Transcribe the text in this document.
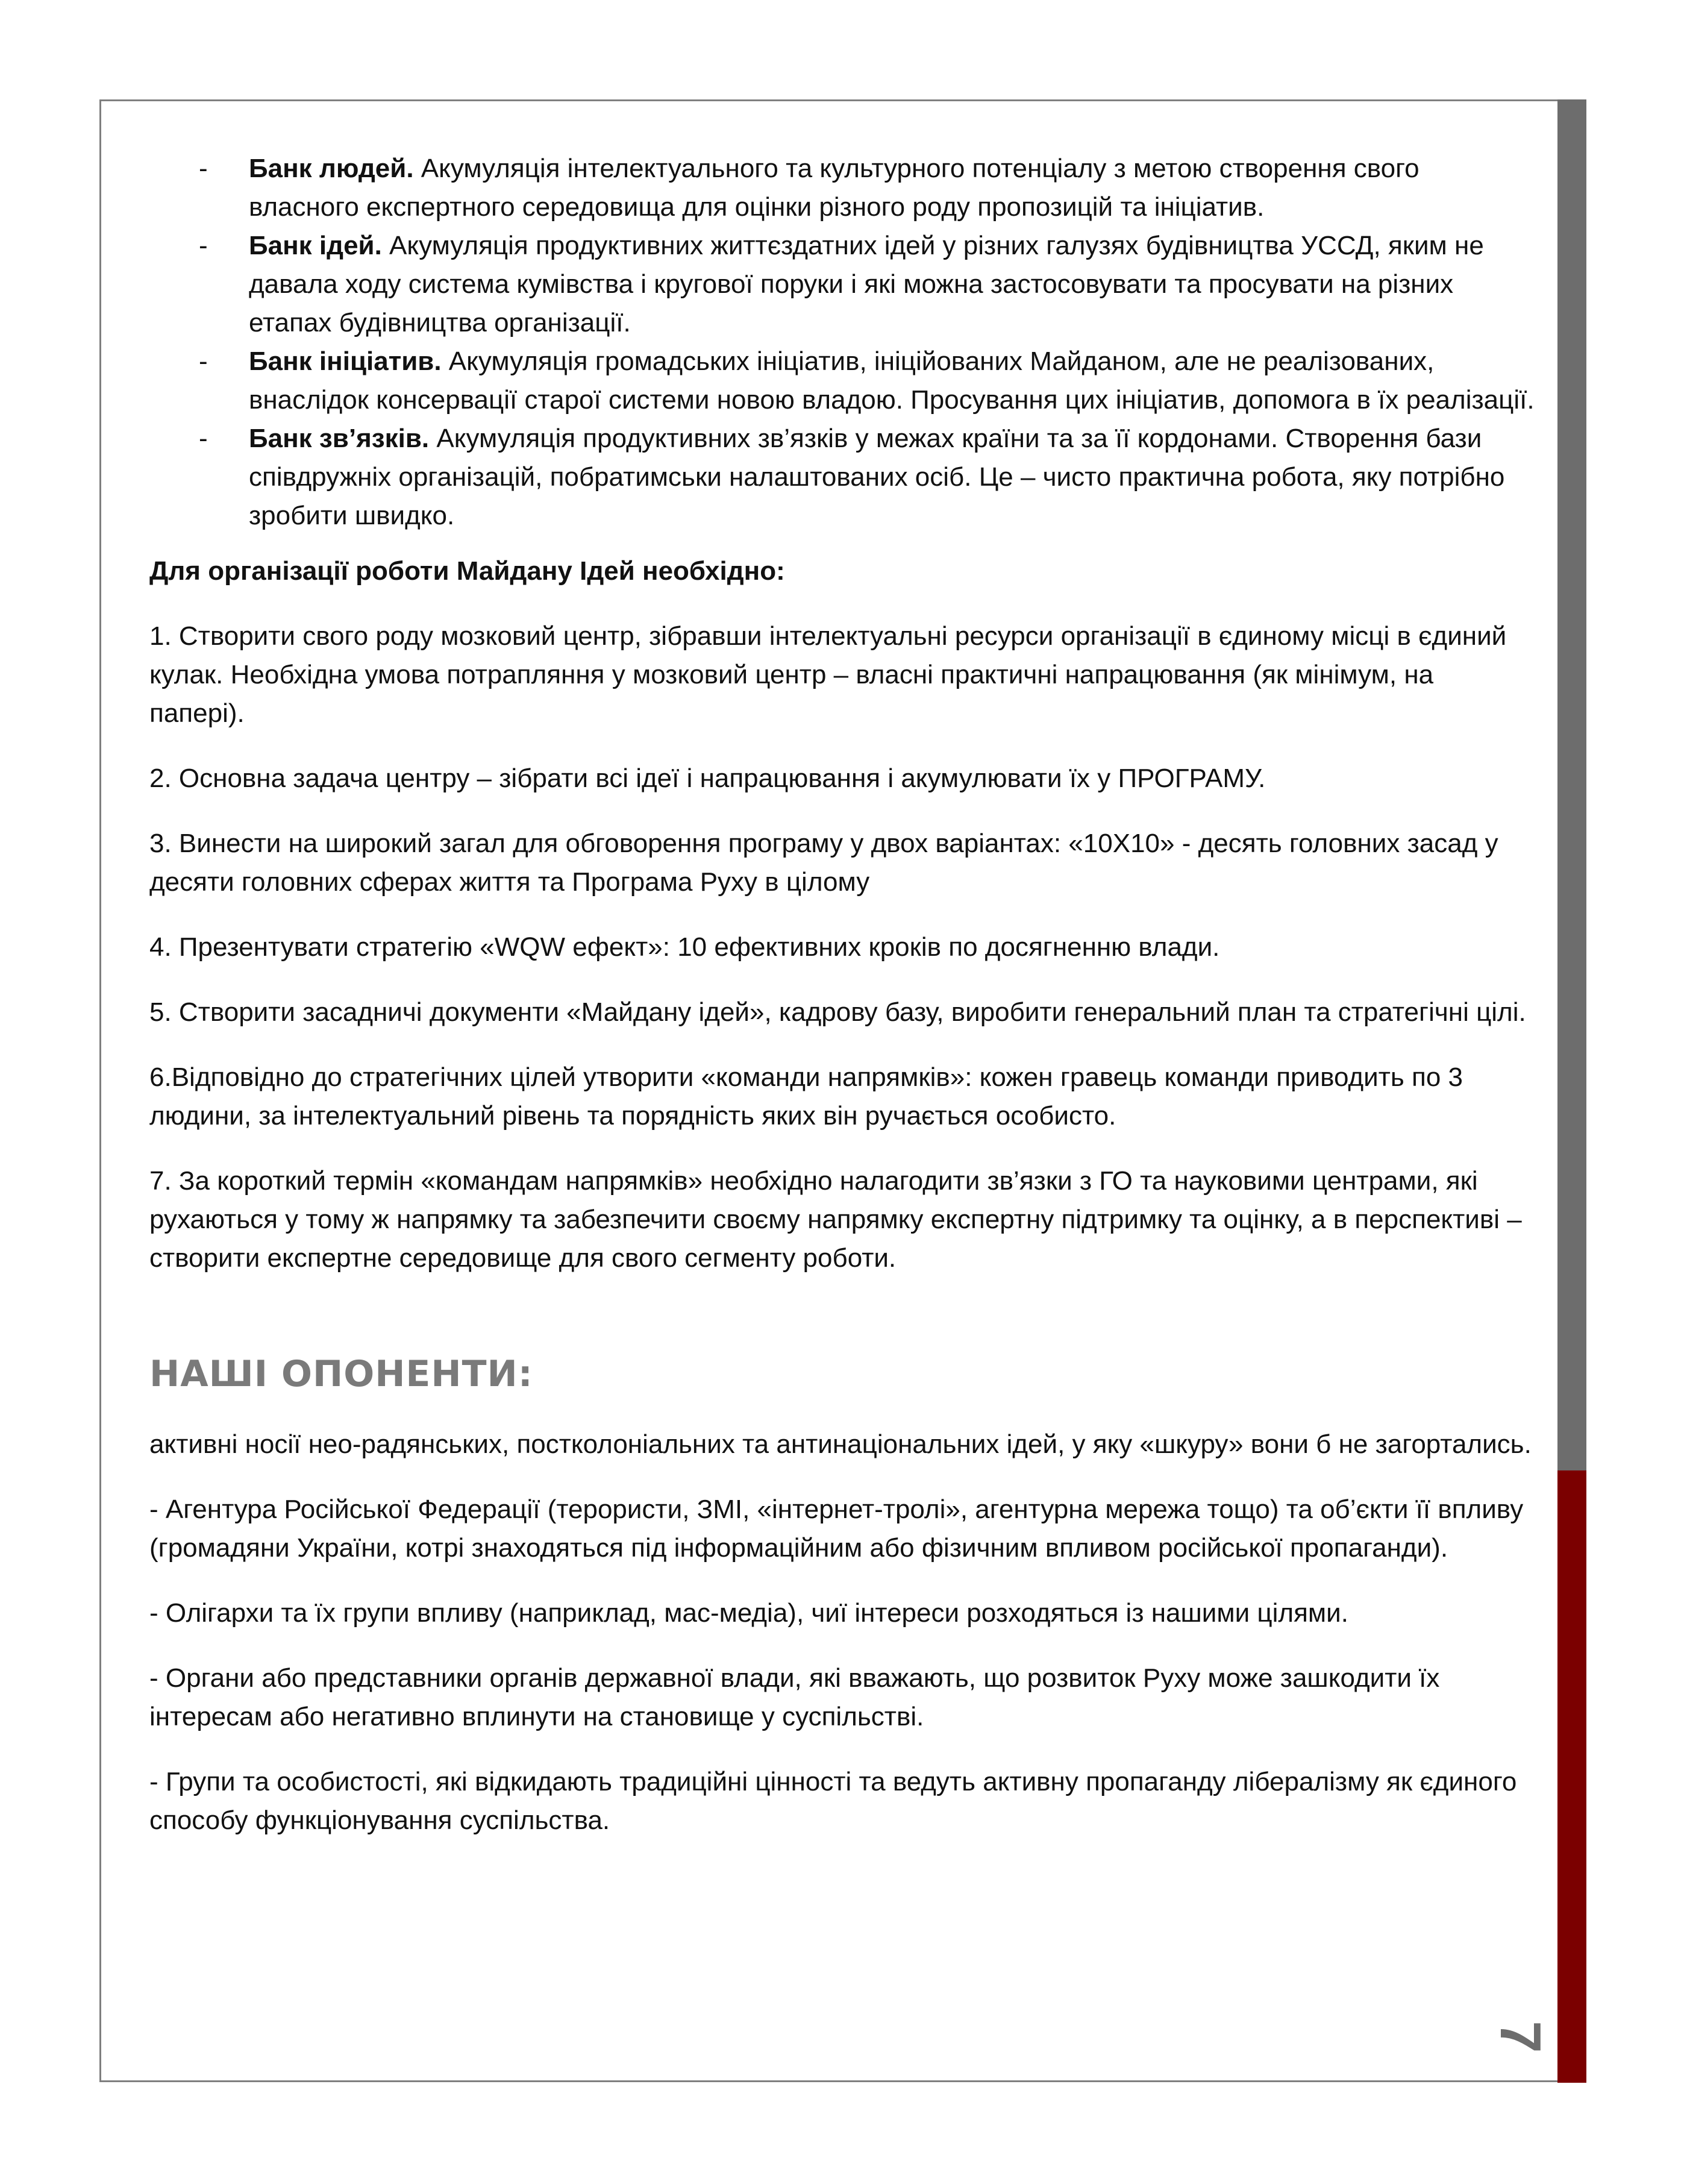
- Банк людей. Акумуляція інтелектуального та культурного потенціалу з метою створення свого власного експертного середовища для оцінки різного роду пропозицій та ініціатив.
- Банк ідей. Акумуляція продуктивних життєздатних ідей у різних галузях будівництва УССД, яким не давала ходу система кумівства і кругової поруки і які можна застосовувати та просувати на різних етапах будівництва організації.
- Банк ініціатив. Акумуляція громадських ініціатив, ініційованих Майданом, але не реалізованих, внаслідок консервації старої системи новою владою. Просування цих ініціатив, допомога в їх реалізації.
- Банк зв’язків. Акумуляція продуктивних зв’язків у межах країни та за її кордонами. Створення бази співдружніх організацій, побратимськи налаштованих осіб. Це – чисто практична робота, яку потрібно зробити швидко.

Для організації роботи Майдану Ідей необхідно:

1. Створити свого роду мозковий центр, зібравши інтелектуальні ресурси організації в єдиному місці в єдиний кулак. Необхідна умова потрапляння у мозковий центр – власні практичні напрацювання (як мінімум, на папері).

2. Основна задача центру – зібрати всі ідеї і напрацювання і акумулювати їх у ПРОГРАМУ.

3. Винести на широкий загал для обговорення програму у двох варіантах: «10Х10» - десять головних засад у десяти головних сферах життя та Програма Руху в цілому

4. Презентувати стратегію «WQW ефект»: 10 ефективних кроків по досягненню влади.

5. Створити засадничі документи «Майдану ідей», кадрову базу, виробити генеральний план та стратегічні цілі.

6.Відповідно до стратегічних цілей утворити «команди напрямків»: кожен гравець команди приводить по 3 людини, за інтелектуальний рівень та порядність яких він ручається особисто.

7. За короткий термін «командам напрямків» необхідно налагодити зв’язки з ГО та науковими центрами, які рухаються у тому ж напрямку та забезпечити своєму напрямку експертну підтримку та оцінку, а в перспективі – створити експертне середовище для свого сегменту роботи.

НАШІ ОПОНЕНТИ:

активні носії нео-радянських, постколоніальних та антинаціональних ідей, у яку «шкуру» вони б не загортались.

- Агентура Російської Федерації (терористи, ЗМІ, «інтернет-тролі», агентурна мережа тощо) та об’єкти її впливу (громадяни України, котрі знаходяться під інформаційним або фізичним впливом російської пропаганди).

- Олігархи та їх групи впливу (наприклад, мас-медіа), чиї інтереси розходяться із нашими цілями.

- Органи або представники органів державної влади, які вважають, що розвиток Руху може зашкодити їх інтересам або негативно вплинути на становище у суспільстві.

- Групи та особистості, які відкидають традиційні цінності та ведуть активну пропаганду лібералізму як єдиного способу функціонування суспільства.

7
